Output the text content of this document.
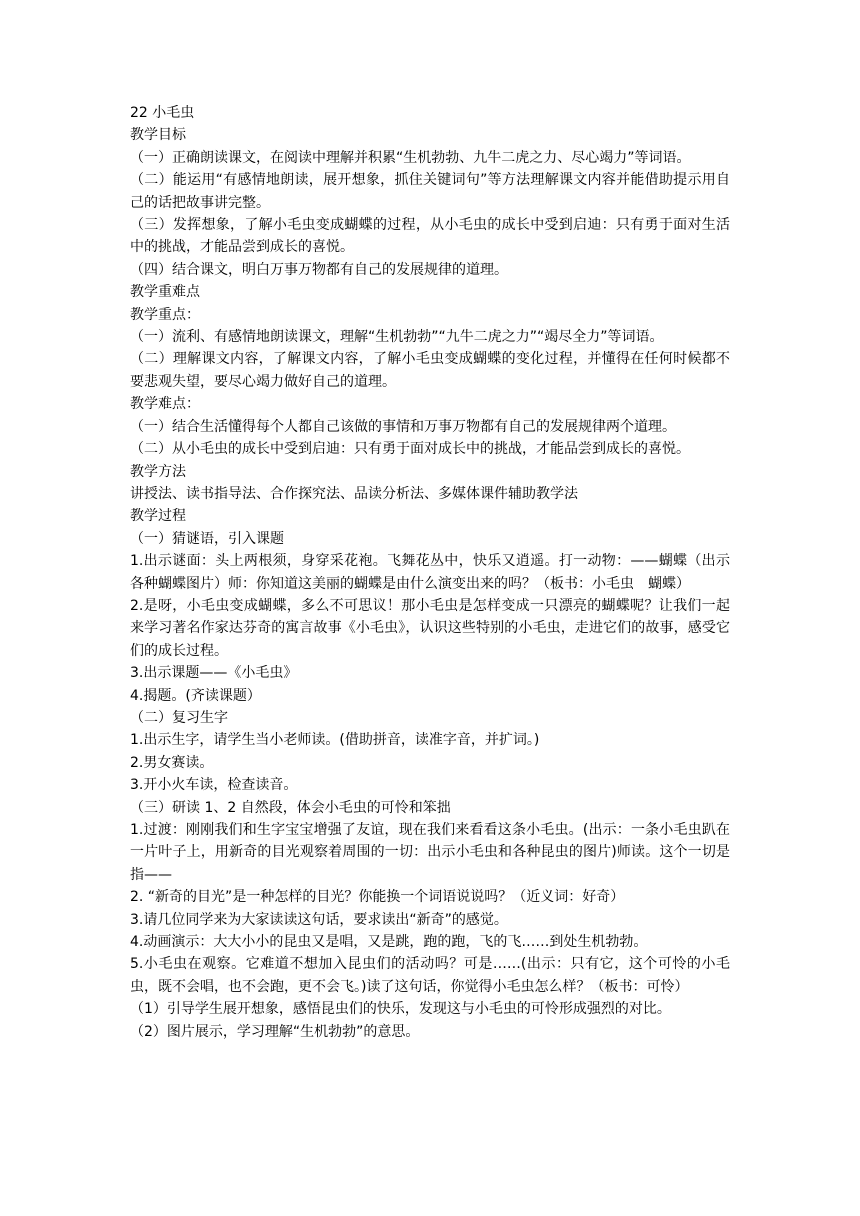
22 小毛虫

教学目标

（一）正确朗读课文，在阅读中理解并积累“生机勃勃、九牛二虎之力、尽心竭力”等词语。

（二）能运用“有感情地朗读，展开想象，抓住关键词句”等方法理解课文内容并能借助提示用自己的话把故事讲完整。

（三）发挥想象，了解小毛虫变成蝴蝶的过程，从小毛虫的成长中受到启迪：只有勇于面对生活中的挑战，才能品尝到成长的喜悦。

（四）结合课文，明白万事万物都有自己的发展规律的道理。

教学重难点

教学重点：

（一）流利、有感情地朗读课文，理解“生机勃勃”“九牛二虎之力”“竭尽全力”等词语。

（二）理解课文内容，了解课文内容，了解小毛虫变成蝴蝶的变化过程，并懂得在任何时候都不要悲观失望，要尽心竭力做好自己的道理。

教学难点：

（一）结合生活懂得每个人都自己该做的事情和万事万物都有自己的发展规律两个道理。

（二）从小毛虫的成长中受到启迪：只有勇于面对成长中的挑战，才能品尝到成长的喜悦。

教学方法

讲授法、读书指导法、合作探究法、品读分析法、多媒体课件辅助教学法

教学过程

（一）猜谜语，引入课题

1.出示谜面：头上两根须，身穿采花袍。飞舞花丛中，快乐又逍遥。打一动物：——蝴蝶（出示各种蝴蝶图片）师：你知道这美丽的蝴蝶是由什么演变出来的吗？（板书：小毛虫　蝴蝶）

2.是呀，小毛虫变成蝴蝶，多么不可思议！那小毛虫是怎样变成一只漂亮的蝴蝶呢？让我们一起来学习著名作家达芬奇的寓言故事《小毛虫》，认识这些特别的小毛虫，走进它们的故事，感受它们的成长过程。

3.出示课题——《小毛虫》

4.揭题。(齐读课题）

（二）复习生字

1.出示生字，请学生当小老师读。(借助拼音，读准字音，并扩词。)

2.男女赛读。

3.开小火车读，检查读音。

（三）研读 1、2 自然段，体会小毛虫的可怜和笨拙

1.过渡：刚刚我们和生字宝宝增强了友谊，现在我们来看看这条小毛虫。(出示：一条小毛虫趴在一片叶子上，用新奇的目光观察着周围的一切：出示小毛虫和各种昆虫的图片)师读。这个一切是指——

2. “新奇的目光”是一种怎样的目光？你能换一个词语说说吗？（近义词：好奇）

3.请几位同学来为大家读读这句话，要求读出“新奇”的感觉。

4.动画演示：大大小小的昆虫又是唱，又是跳，跑的跑，飞的飞……到处生机勃勃。

5.小毛虫在观察。它难道不想加入昆虫们的活动吗？可是……(出示：只有它，这个可怜的小毛虫，既不会唱，也不会跑，更不会飞。)读了这句话，你觉得小毛虫怎么样？（板书：可怜）

（1）引导学生展开想象，感悟昆虫们的快乐，发现这与小毛虫的可怜形成强烈的对比。

（2）图片展示，学习理解“生机勃勃”的意思。
